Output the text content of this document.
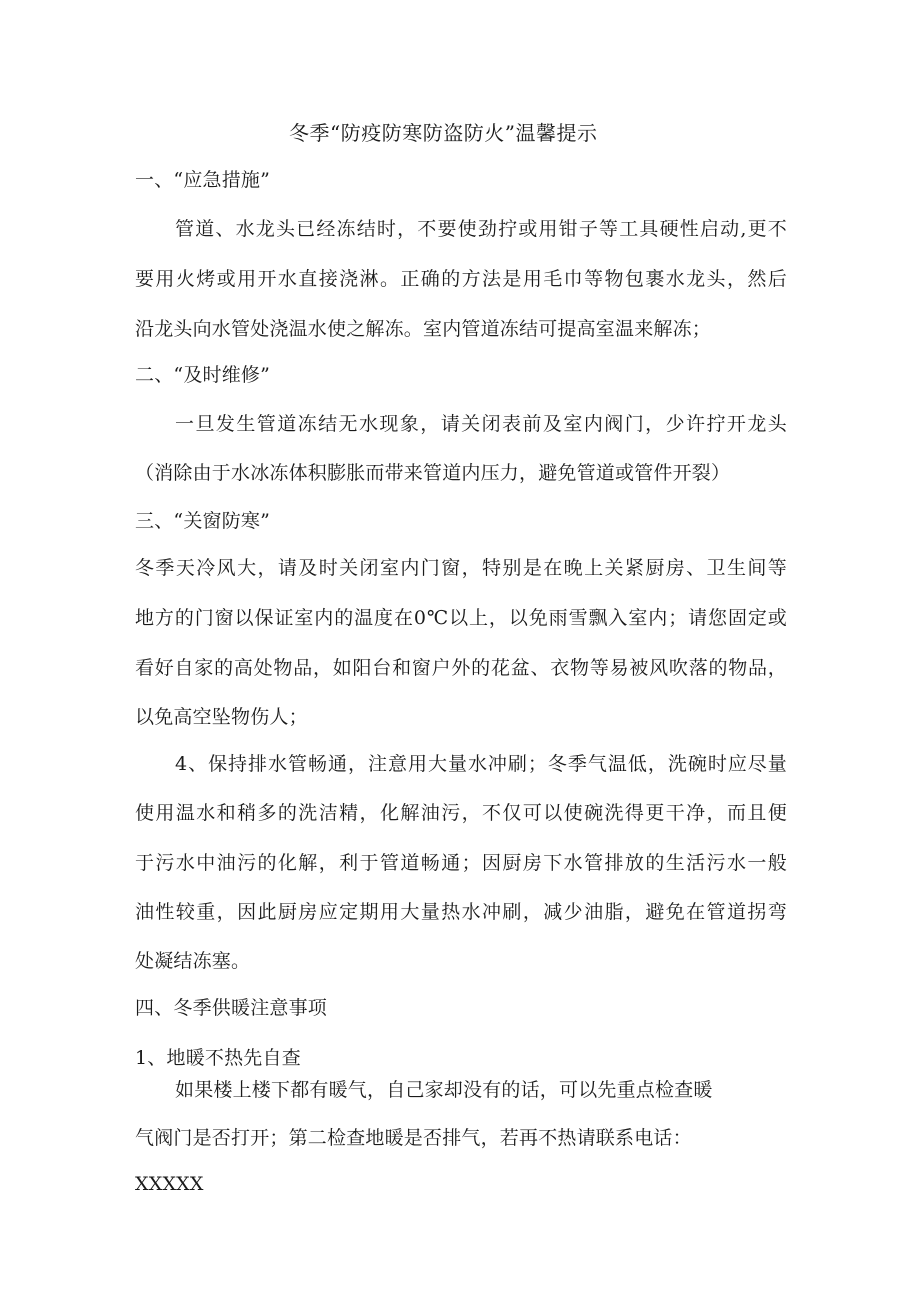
冬季“防疫防寒防盗防火”温馨提示
一、“应急措施”
管道、水龙头已经冻结时，不要使劲拧或用钳子等工具硬性启动,更不
要用火烤或用开水直接浇淋。正确的方法是用毛巾等物包裹水龙头，然后
沿龙头向水管处浇温水使之解冻。室内管道冻结可提高室温来解冻；
二、“及时维修”
一旦发生管道冻结无水现象，请关闭表前及室内阀门，少许拧开龙头
（消除由于水冰冻体积膨胀而带来管道内压力，避免管道或管件开裂）
三、“关窗防寒”
冬季天冷风大，请及时关闭室内门窗，特别是在晚上关紧厨房、卫生间等
地方的门窗以保证室内的温度在0℃以上，以免雨雪飘入室内；请您固定或
看好自家的高处物品，如阳台和窗户外的花盆、衣物等易被风吹落的物品，
以免高空坠物伤人；
4、保持排水管畅通，注意用大量水冲刷；冬季气温低，洗碗时应尽量
使用温水和稍多的洗洁精，化解油污，不仅可以使碗洗得更干净，而且便
于污水中油污的化解，利于管道畅通；因厨房下水管排放的生活污水一般
油性较重，因此厨房应定期用大量热水冲刷，减少油脂，避免在管道拐弯
处凝结冻塞。
四、冬季供暖注意事项
1、地暖不热先自查
如果楼上楼下都有暖气，自己家却没有的话，可以先重点检查暖
气阀门是否打开；第二检查地暖是否排气，若再不热请联系电话：
XXXXX
